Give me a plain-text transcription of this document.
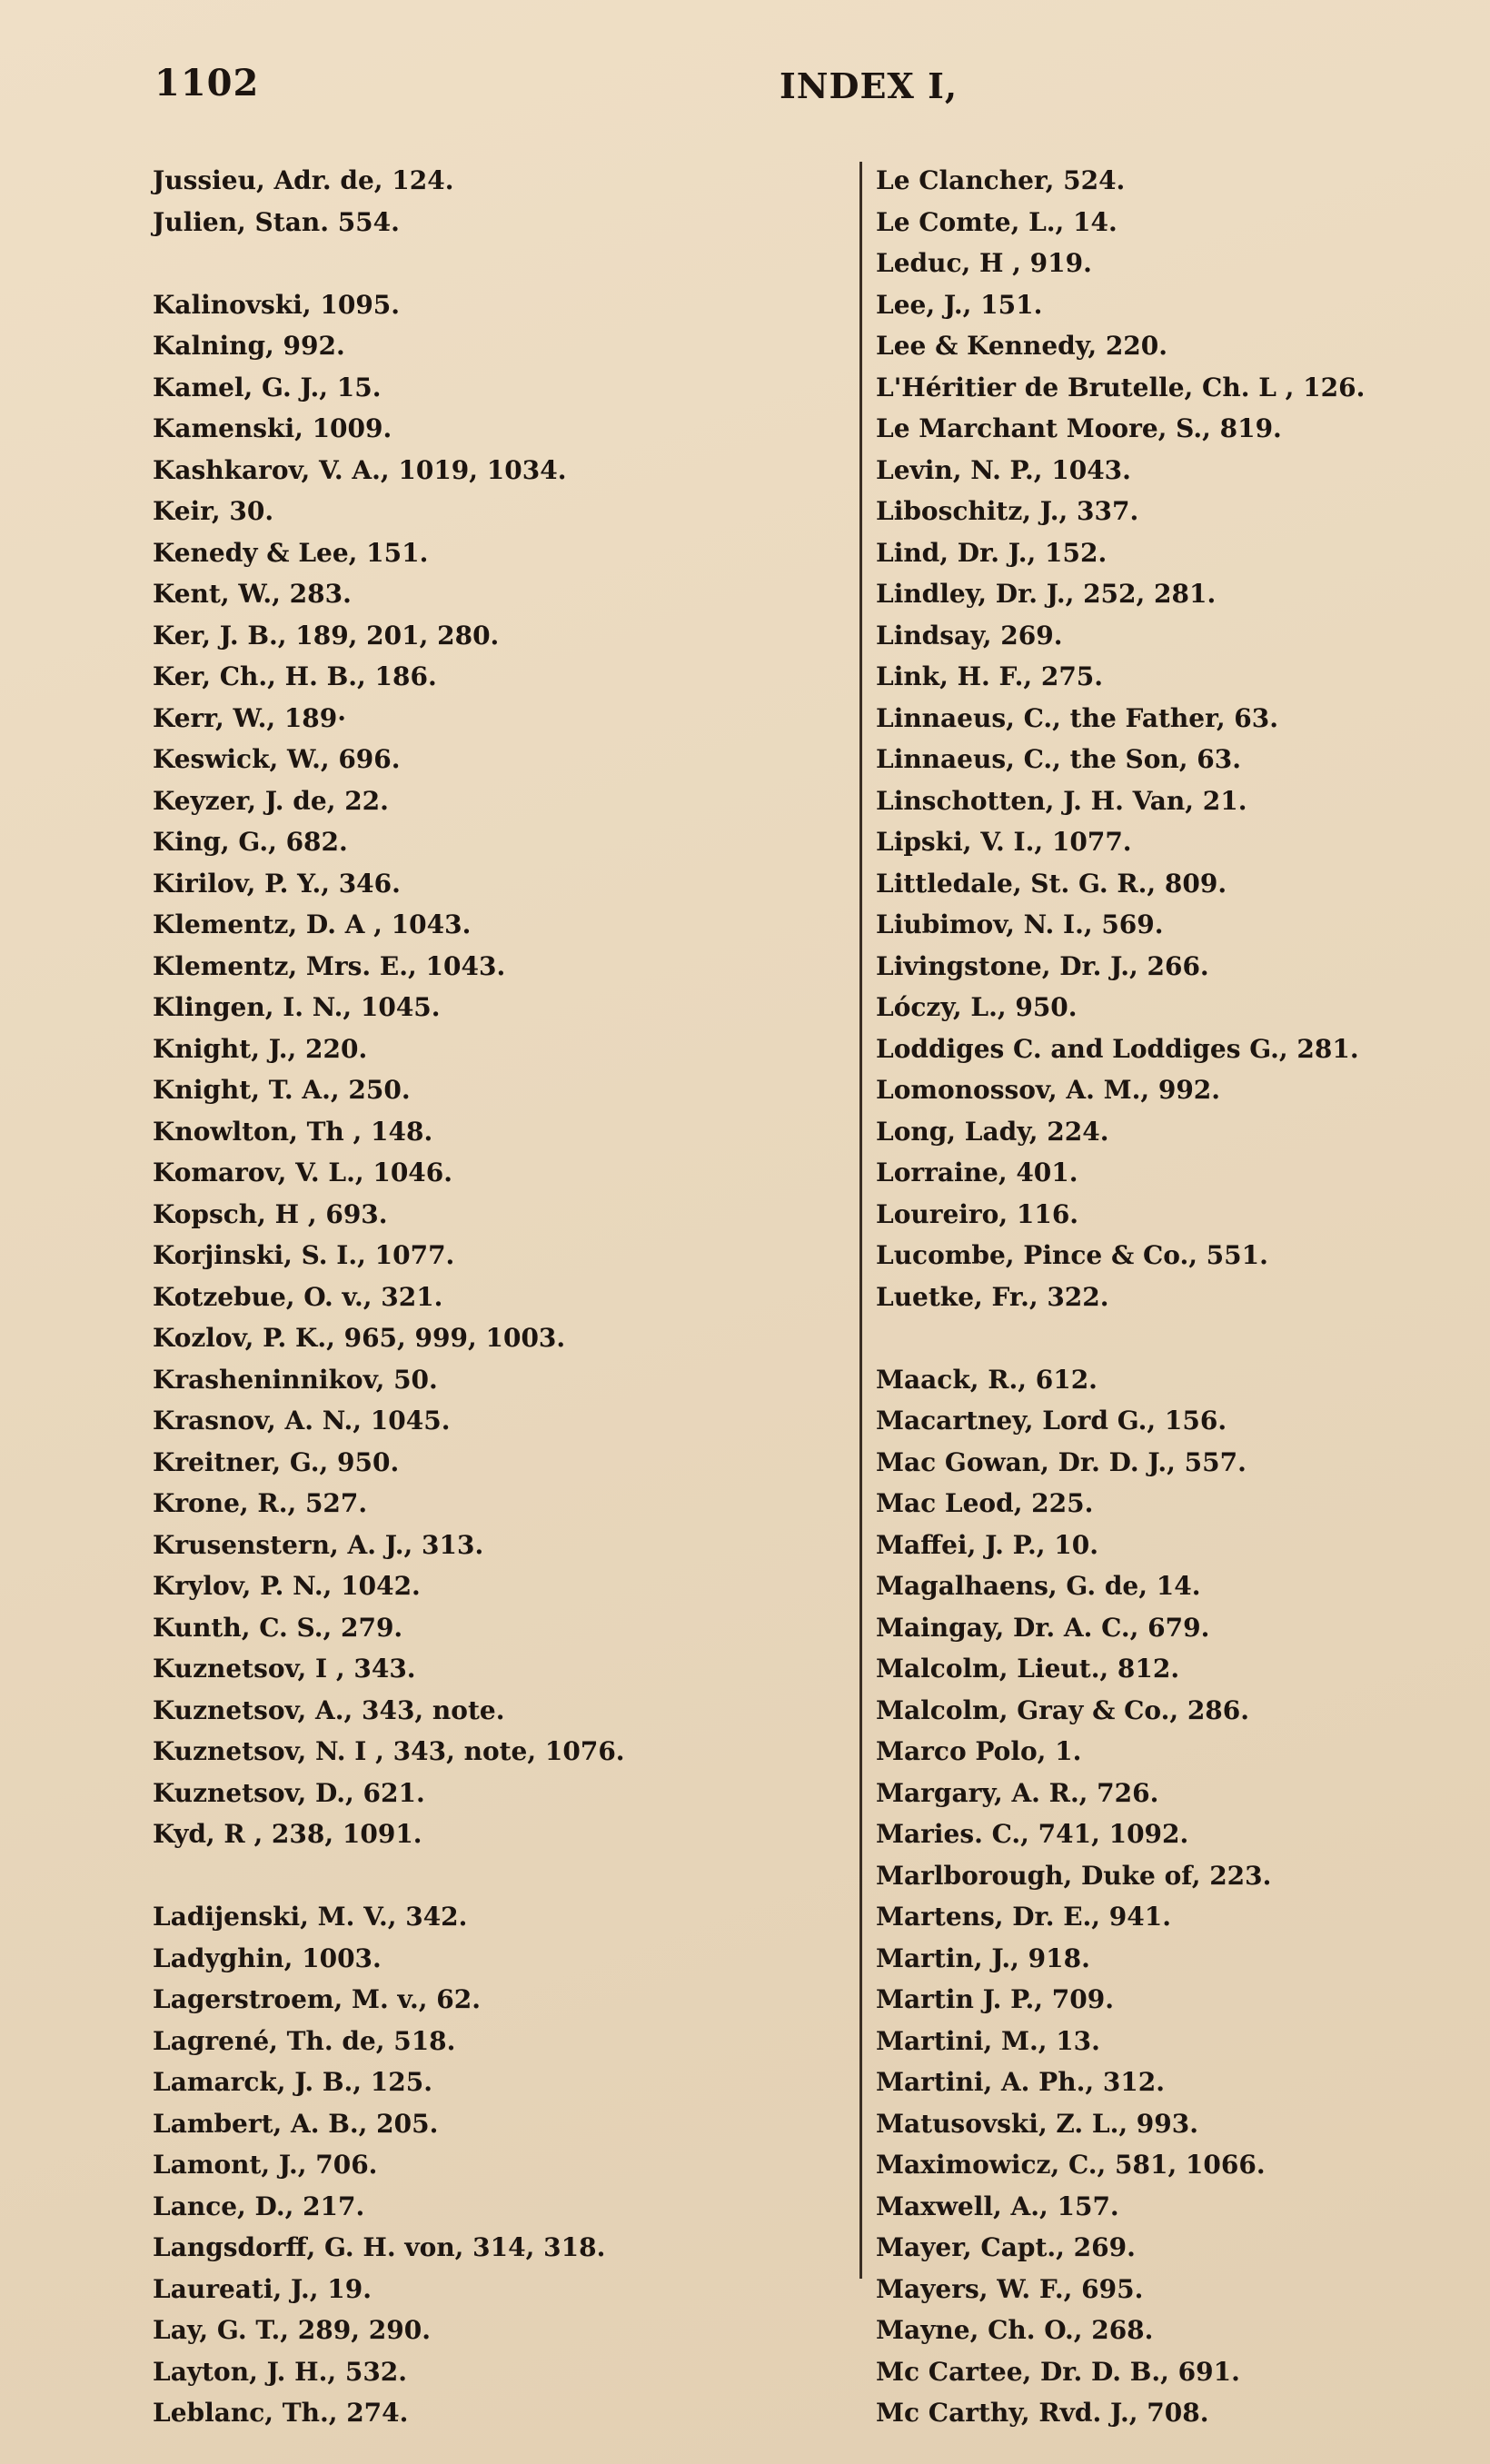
1102	INDEX I,
Jussieu, Adr. de, 124.
Julien, Stan. 554.
Kalinovski, 1095.
Kalning, 992.
Kamel, G. J., 15.
Kamenski, 1009.
Kashkarov, V. A., 1019, 1034.
Keir, 30.
Kenedy & Lee, 151.
Kent, W., 283.
Ker, J. B., 189, 201, 280.
Ker, Ch., H. B., 186.
Kerr, W., 189·
Keswick, W., 696.
Keyzer, J. de, 22.
King, G., 682.
Kirilov, P. Y., 346.
Klementz, D. A , 1043.
Klementz, Mrs. E., 1043.
Klingen, I. N., 1045.
Knight, J., 220.
Knight, T. A., 250.
Knowlton, Th , 148.
Komarov, V. L., 1046.
Kopsch, H , 693.
Korjinski, S. I., 1077.
Kotzebue, O. v., 321.
Kozlov, P. K., 965, 999, 1003.
Krasheninnikov, 50.
Krasnov, A. N., 1045.
Kreitner, G., 950.
Krone, R., 527.
Krusenstern, A. J., 313.
Krylov, P. N., 1042.
Kunth, C. S., 279.
Kuznetsov, I , 343.
Kuznetsov, A., 343, note.
Kuznetsov, N. I , 343, note, 1076.
Kuznetsov, D., 621.
Kyd, R , 238, 1091.
Ladijenski, M. V., 342.
Ladyghin, 1003.
Lagerstroem, M. v., 62.
Lagrené, Th. de, 518.
Lamarck, J. B., 125.
Lambert, A. B., 205.
Lamont, J., 706.
Lance, D., 217.
Langsdorff, G. H. von, 314, 318.
Laureati, J., 19.
Lay, G. T., 289, 290.
Layton, J. H., 532.
Leblanc, Th., 274.
Le Clancher, 524.
Le Comte, L., 14.
Leduc, H , 919.
Lee, J., 151.
Lee & Kennedy, 220.
L'Héritier de Brutelle, Ch. L , 126.
Le Marchant Moore, S., 819.
Levin, N. P., 1043.
Liboschitz, J., 337.
Lind, Dr. J., 152.
Lindley, Dr. J., 252, 281.
Lindsay, 269.
Link, H. F., 275.
Linnaeus, C., the Father, 63.
Linnaeus, C., the Son, 63.
Linschotten, J. H. Van, 21.
Lipski, V. I., 1077.
Littledale, St. G. R., 809.
Liubimov, N. I., 569.
Livingstone, Dr. J., 266.
Lóczy, L., 950.
Loddiges C. and Loddiges G., 281.
Lomonossov, A. M., 992.
Long, Lady, 224.
Lorraine, 401.
Loureiro, 116.
Lucombe, Pince & Co., 551.
Luetke, Fr., 322.
Maack, R., 612.
Macartney, Lord G., 156.
Mac Gowan, Dr. D. J., 557.
Mac Leod, 225.
Maffei, J. P., 10.
Magalhaens, G. de, 14.
Maingay, Dr. A. C., 679.
Malcolm, Lieut., 812.
Malcolm, Gray & Co., 286.
Marco Polo, 1.
Margary, A. R., 726.
Maries. C., 741, 1092.
Marlborough, Duke of, 223.
Martens, Dr. E., 941.
Martin, J., 918.
Martin J. P., 709.
Martini, M., 13.
Martini, A. Ph., 312.
Matusovski, Z. L., 993.
Maximowicz, C., 581, 1066.
Maxwell, A., 157.
Mayer, Capt., 269.
Mayers, W. F., 695.
Mayne, Ch. O., 268.
Mc Cartee, Dr. D. B., 691.
Mc Carthy, Rvd. J., 708.
